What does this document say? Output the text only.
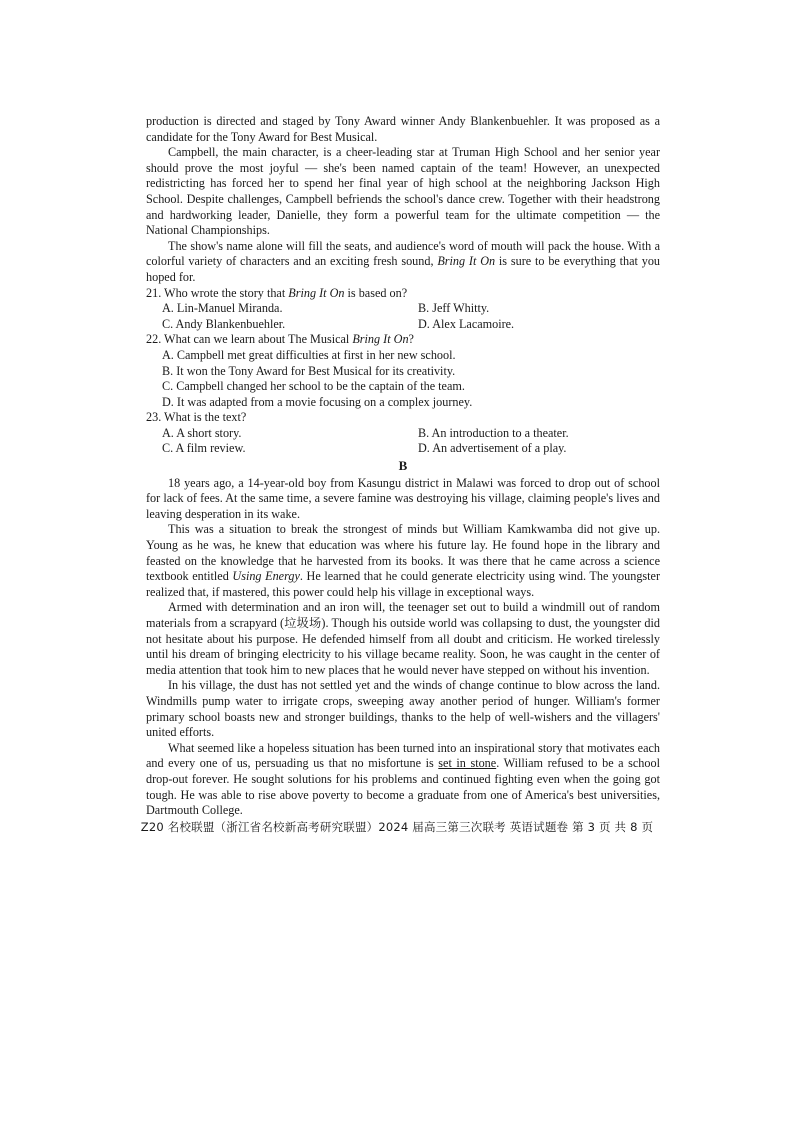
production is directed and staged by Tony Award winner Andy Blankenbuehler. It was proposed as a candidate for the Tony Award for Best Musical.

Campbell, the main character, is a cheer-leading star at Truman High School and her senior year should prove the most joyful — she's been named captain of the team! However, an unexpected redistricting has forced her to spend her final year of high school at the neighboring Jackson High School. Despite challenges, Campbell befriends the school's dance crew. Together with their headstrong and hardworking leader, Danielle, they form a powerful team for the ultimate competition — the National Championships.

The show's name alone will fill the seats, and audience's word of mouth will pack the house. With a colorful variety of characters and an exciting fresh sound, Bring It On is sure to be everything that you hoped for.

21. Who wrote the story that Bring It On is based on?

A. Lin-Manuel Miranda.	B. Jeff Whitty.
C. Andy Blankenbuehler.	D. Alex Lacamoire.

22. What can we learn about The Musical Bring It On?

A. Campbell met great difficulties at first in her new school.

B. It won the Tony Award for Best Musical for its creativity.

C. Campbell changed her school to be the captain of the team.

D. It was adapted from a movie focusing on a complex journey.

23. What is the text?

A. A short story.	B. An introduction to a theater.
C. A film review.	D. An advertisement of a play.
B

18 years ago, a 14-year-old boy from Kasungu district in Malawi was forced to drop out of school for lack of fees. At the same time, a severe famine was destroying his village, claiming people's lives and leaving desperation in its wake.

This was a situation to break the strongest of minds but William Kamkwamba did not give up. Young as he was, he knew that education was where his future lay. He found hope in the library and feasted on the knowledge that he harvested from its books. It was there that he came across a science textbook entitled Using Energy. He learned that he could generate electricity using wind. The youngster realized that, if mastered, this power could help his village in exceptional ways.

Armed with determination and an iron will, the teenager set out to build a windmill out of random materials from a scrapyard (垃圾场). Though his outside world was collapsing to dust, the youngster did not hesitate about his purpose. He defended himself from all doubt and criticism. He worked tirelessly until his dream of bringing electricity to his village became reality. Soon, he was caught in the center of media attention that took him to new places that he would never have stepped on without his invention.

In his village, the dust has not settled yet and the winds of change continue to blow across the land. Windmills pump water to irrigate crops, sweeping away another period of hunger. William's former primary school boasts new and stronger buildings, thanks to the help of well-wishers and the villagers' united efforts.

What seemed like a hopeless situation has been turned into an inspirational story that motivates each and every one of us, persuading us that no misfortune is set in stone. William refused to be a school drop-out forever. He sought solutions for his problems and continued fighting even when the going got tough. He was able to rise above poverty to become a graduate from one of America's best universities, Dartmouth College.

Z20 名校联盟（浙江省名校新高考研究联盟）2024 届高三第三次联考 英语试题卷 第 3 页 共 8 页
